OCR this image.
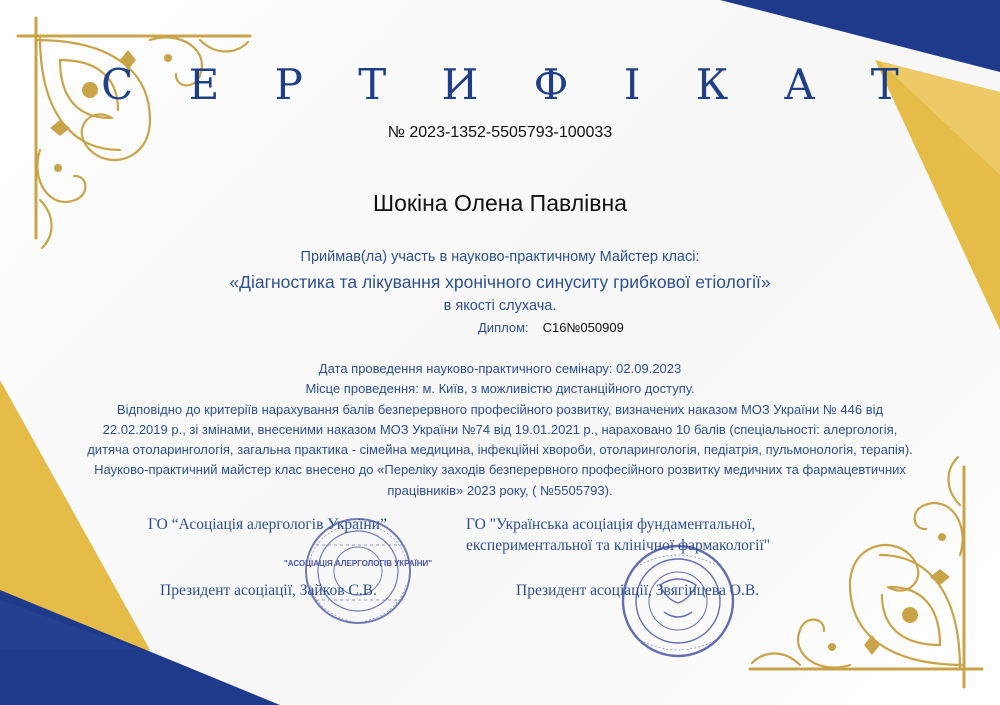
"АСОЦІАЦІЯ АЛЕРГОЛОГІВ УКРАЇНИ"
С Е Р Т И Ф І К А Т
№ 2023-1352-5505793-100033
Шокіна Олена Павлівна
Приймав(ла) участь в науково-практичному Майстер класі:
«Діагностика та лікування хронічного синуситу грибкової етіології»
в якості слухача.
Диплом: С16№050909
Дата проведення науково-практичного семінару: 02.09.2023
Місце проведення: м. Київ, з можливістю дистанційного доступу.
Відповідно до критеріїв нарахування балів безперервного професійного розвитку, визначених наказом МОЗ України № 446 від
22.02.2019 р., зі змінами, внесеними наказом МОЗ України №74 від 19.01.2021 р., нараховано 10 балів (спеціальності: алергологія,
дитяча отоларингологія, загальна практика - сімейна медицина, інфекційні хвороби, отоларингологія, педіатрія, пульмонологія, терапія).
Науково-практичний майстер клас внесено до «Переліку заходів безперервного професійного розвитку медичних та фармацевтичних
працівників» 2023 року, ( №5505793).
ГО “Асоціація алергологів України”	ГО "Українська асоціація фундаментальної,
експериментальної та клінічної фармакології"
Президент асоціації, Зайков С.В.	Президент асоціації, Звягінцева О.В.
